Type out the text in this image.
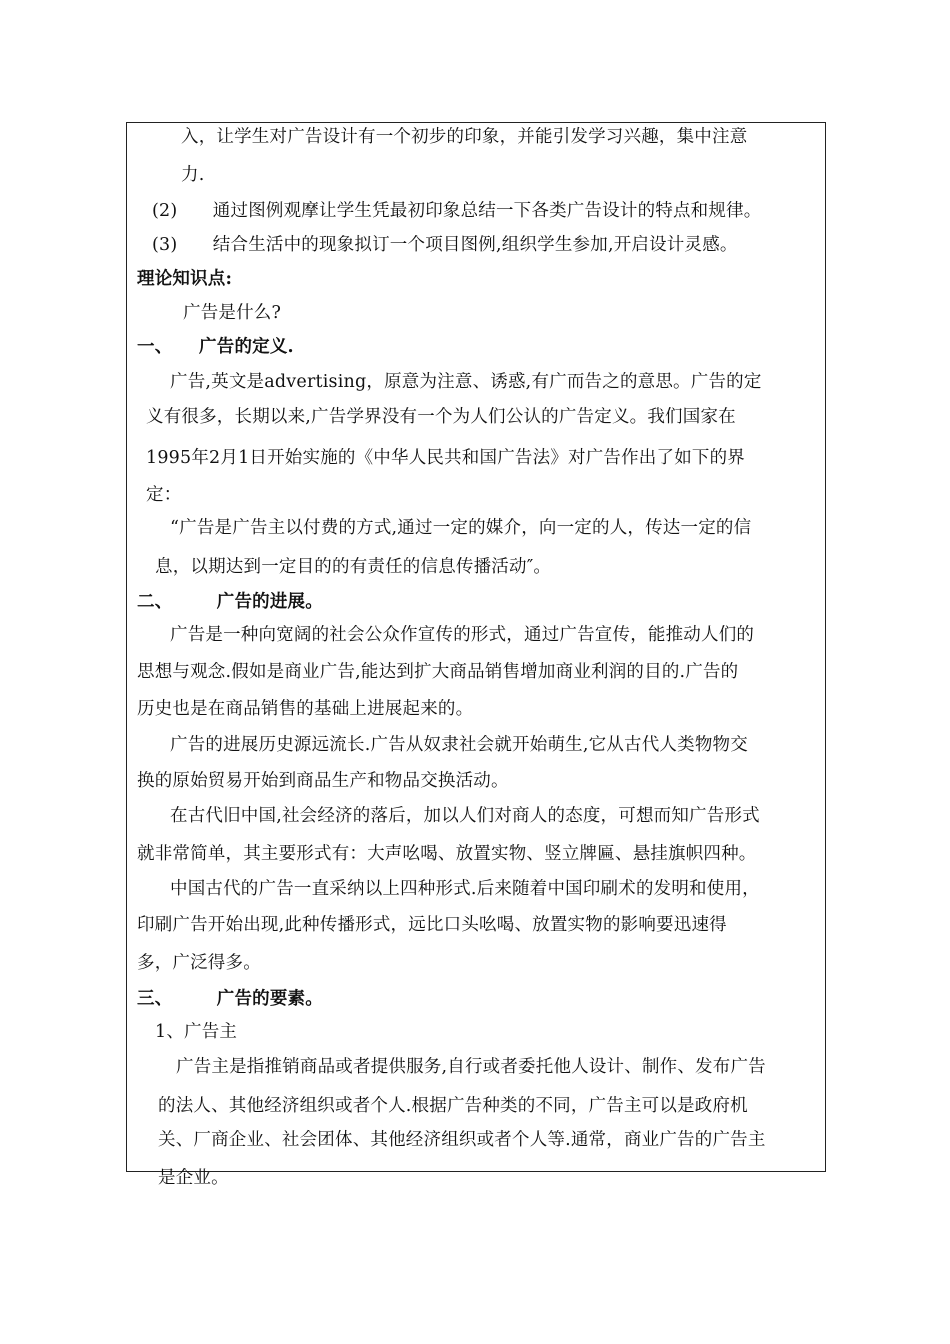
入，让学生对广告设计有一个初步的印象，并能引发学习兴趣，集中注意
力.
(2)　　通过图例观摩让学生凭最初印象总结一下各类广告设计的特点和规律。
(3)　　结合生活中的现象拟订一个项目图例,组织学生参加,开启设计灵感。
理论知识点:
广告是什么?
一、　　广告的定义.
广告,英文是advertising，原意为注意、诱惑,有广而告之的意思。广告的定
义有很多，长期以来,广告学界没有一个为人们公认的广告定义。我们国家在
1995年2月1日开始实施的《中华人民共和国广告法》对广告作出了如下的界
定：
“广告是广告主以付费的方式,通过一定的媒介，向一定的人，传达一定的信
息，以期达到一定目的的有责任的信息传播活动″。
二、　　　广告的进展。
广告是一种向宽阔的社会公众作宣传的形式，通过广告宣传，能推动人们的
思想与观念.假如是商业广告,能达到扩大商品销售增加商业利润的目的.广告的
历史也是在商品销售的基础上进展起来的。
广告的进展历史源远流长.广告从奴隶社会就开始萌生,它从古代人类物物交
换的原始贸易开始到商品生产和物品交换活动。
在古代旧中国,社会经济的落后，加以人们对商人的态度，可想而知广告形式
就非常简单，其主要形式有：大声吆喝、放置实物、竖立牌匾、悬挂旗帜四种。
中国古代的广告一直采纳以上四种形式.后来随着中国印刷术的发明和使用，
印刷广告开始出现,此种传播形式，远比口头吆喝、放置实物的影响要迅速得
多，广泛得多。
三、　　　广告的要素。
1、广告主
广告主是指推销商品或者提供服务,自行或者委托他人设计、制作、发布广告
的法人、其他经济组织或者个人.根据广告种类的不同，广告主可以是政府机
关、厂商企业、社会团体、其他经济组织或者个人等.通常，商业广告的广告主
是企业。
